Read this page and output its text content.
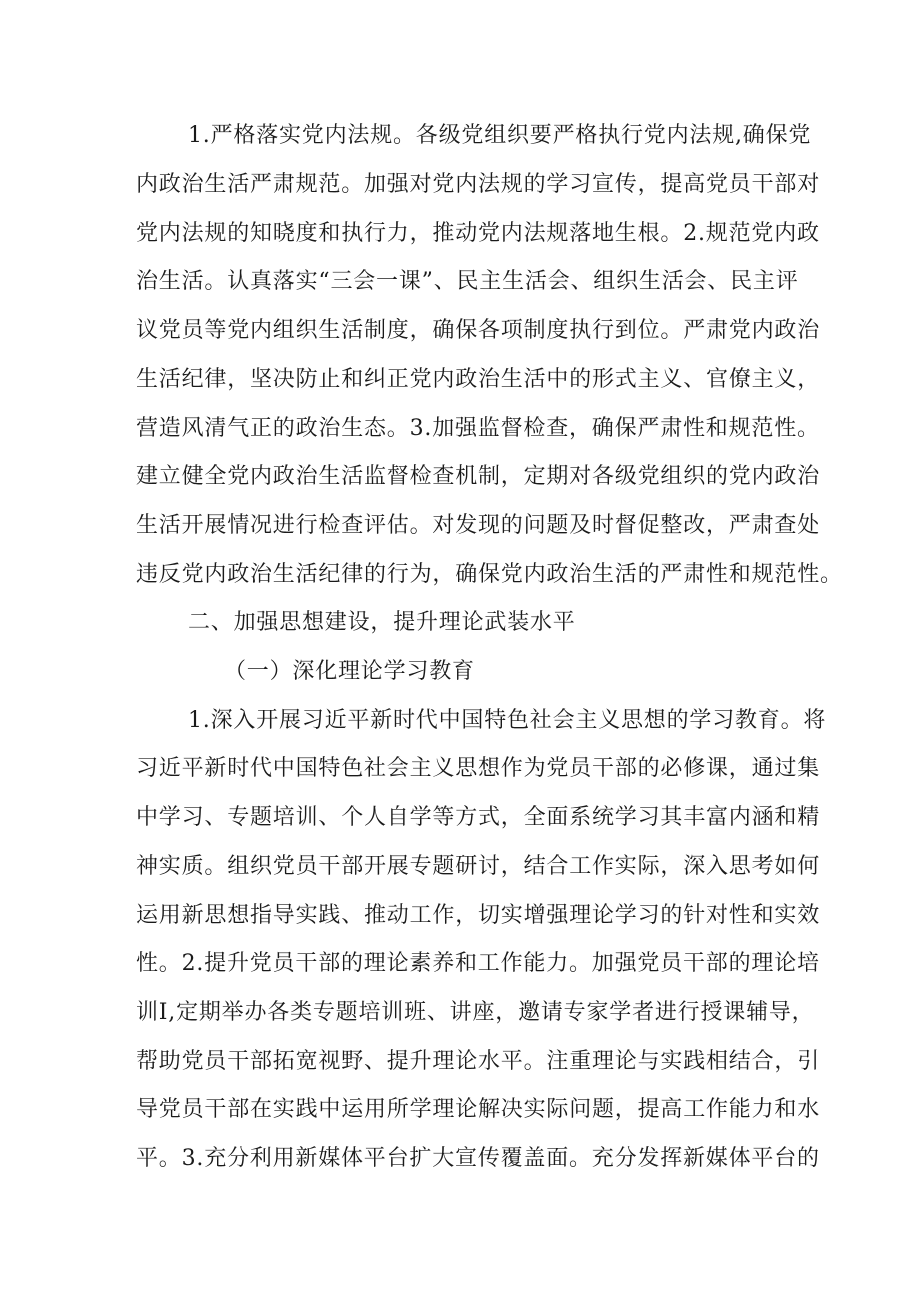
1.严格落实党内法规。各级党组织要严格执行党内法规,确保党
内政治生活严肃规范。加强对党内法规的学习宣传，提高党员干部对
党内法规的知晓度和执行力，推动党内法规落地生根。2.规范党内政
治生活。认真落实“三会一课”、民主生活会、组织生活会、民主评
议党员等党内组织生活制度，确保各项制度执行到位。严肃党内政治
生活纪律，坚决防止和纠正党内政治生活中的形式主义、官僚主义，
营造风清气正的政治生态。3.加强监督检查，确保严肃性和规范性。
建立健全党内政治生活监督检查机制，定期对各级党组织的党内政治
生活开展情况进行检查评估。对发现的问题及时督促整改，严肃查处
违反党内政治生活纪律的行为，确保党内政治生活的严肃性和规范性。
二、加强思想建设，提升理论武装水平
（一）深化理论学习教育
1.深入开展习近平新时代中国特色社会主义思想的学习教育。将
习近平新时代中国特色社会主义思想作为党员干部的必修课，通过集
中学习、专题培训、个人自学等方式，全面系统学习其丰富内涵和精
神实质。组织党员干部开展专题研讨，结合工作实际，深入思考如何
运用新思想指导实践、推动工作，切实增强理论学习的针对性和实效
性。2.提升党员干部的理论素养和工作能力。加强党员干部的理论培
训I,定期举办各类专题培训班、讲座，邀请专家学者进行授课辅导，
帮助党员干部拓宽视野、提升理论水平。注重理论与实践相结合，引
导党员干部在实践中运用所学理论解决实际问题，提高工作能力和水
平。3.充分利用新媒体平台扩大宣传覆盖面。充分发挥新媒体平台的
